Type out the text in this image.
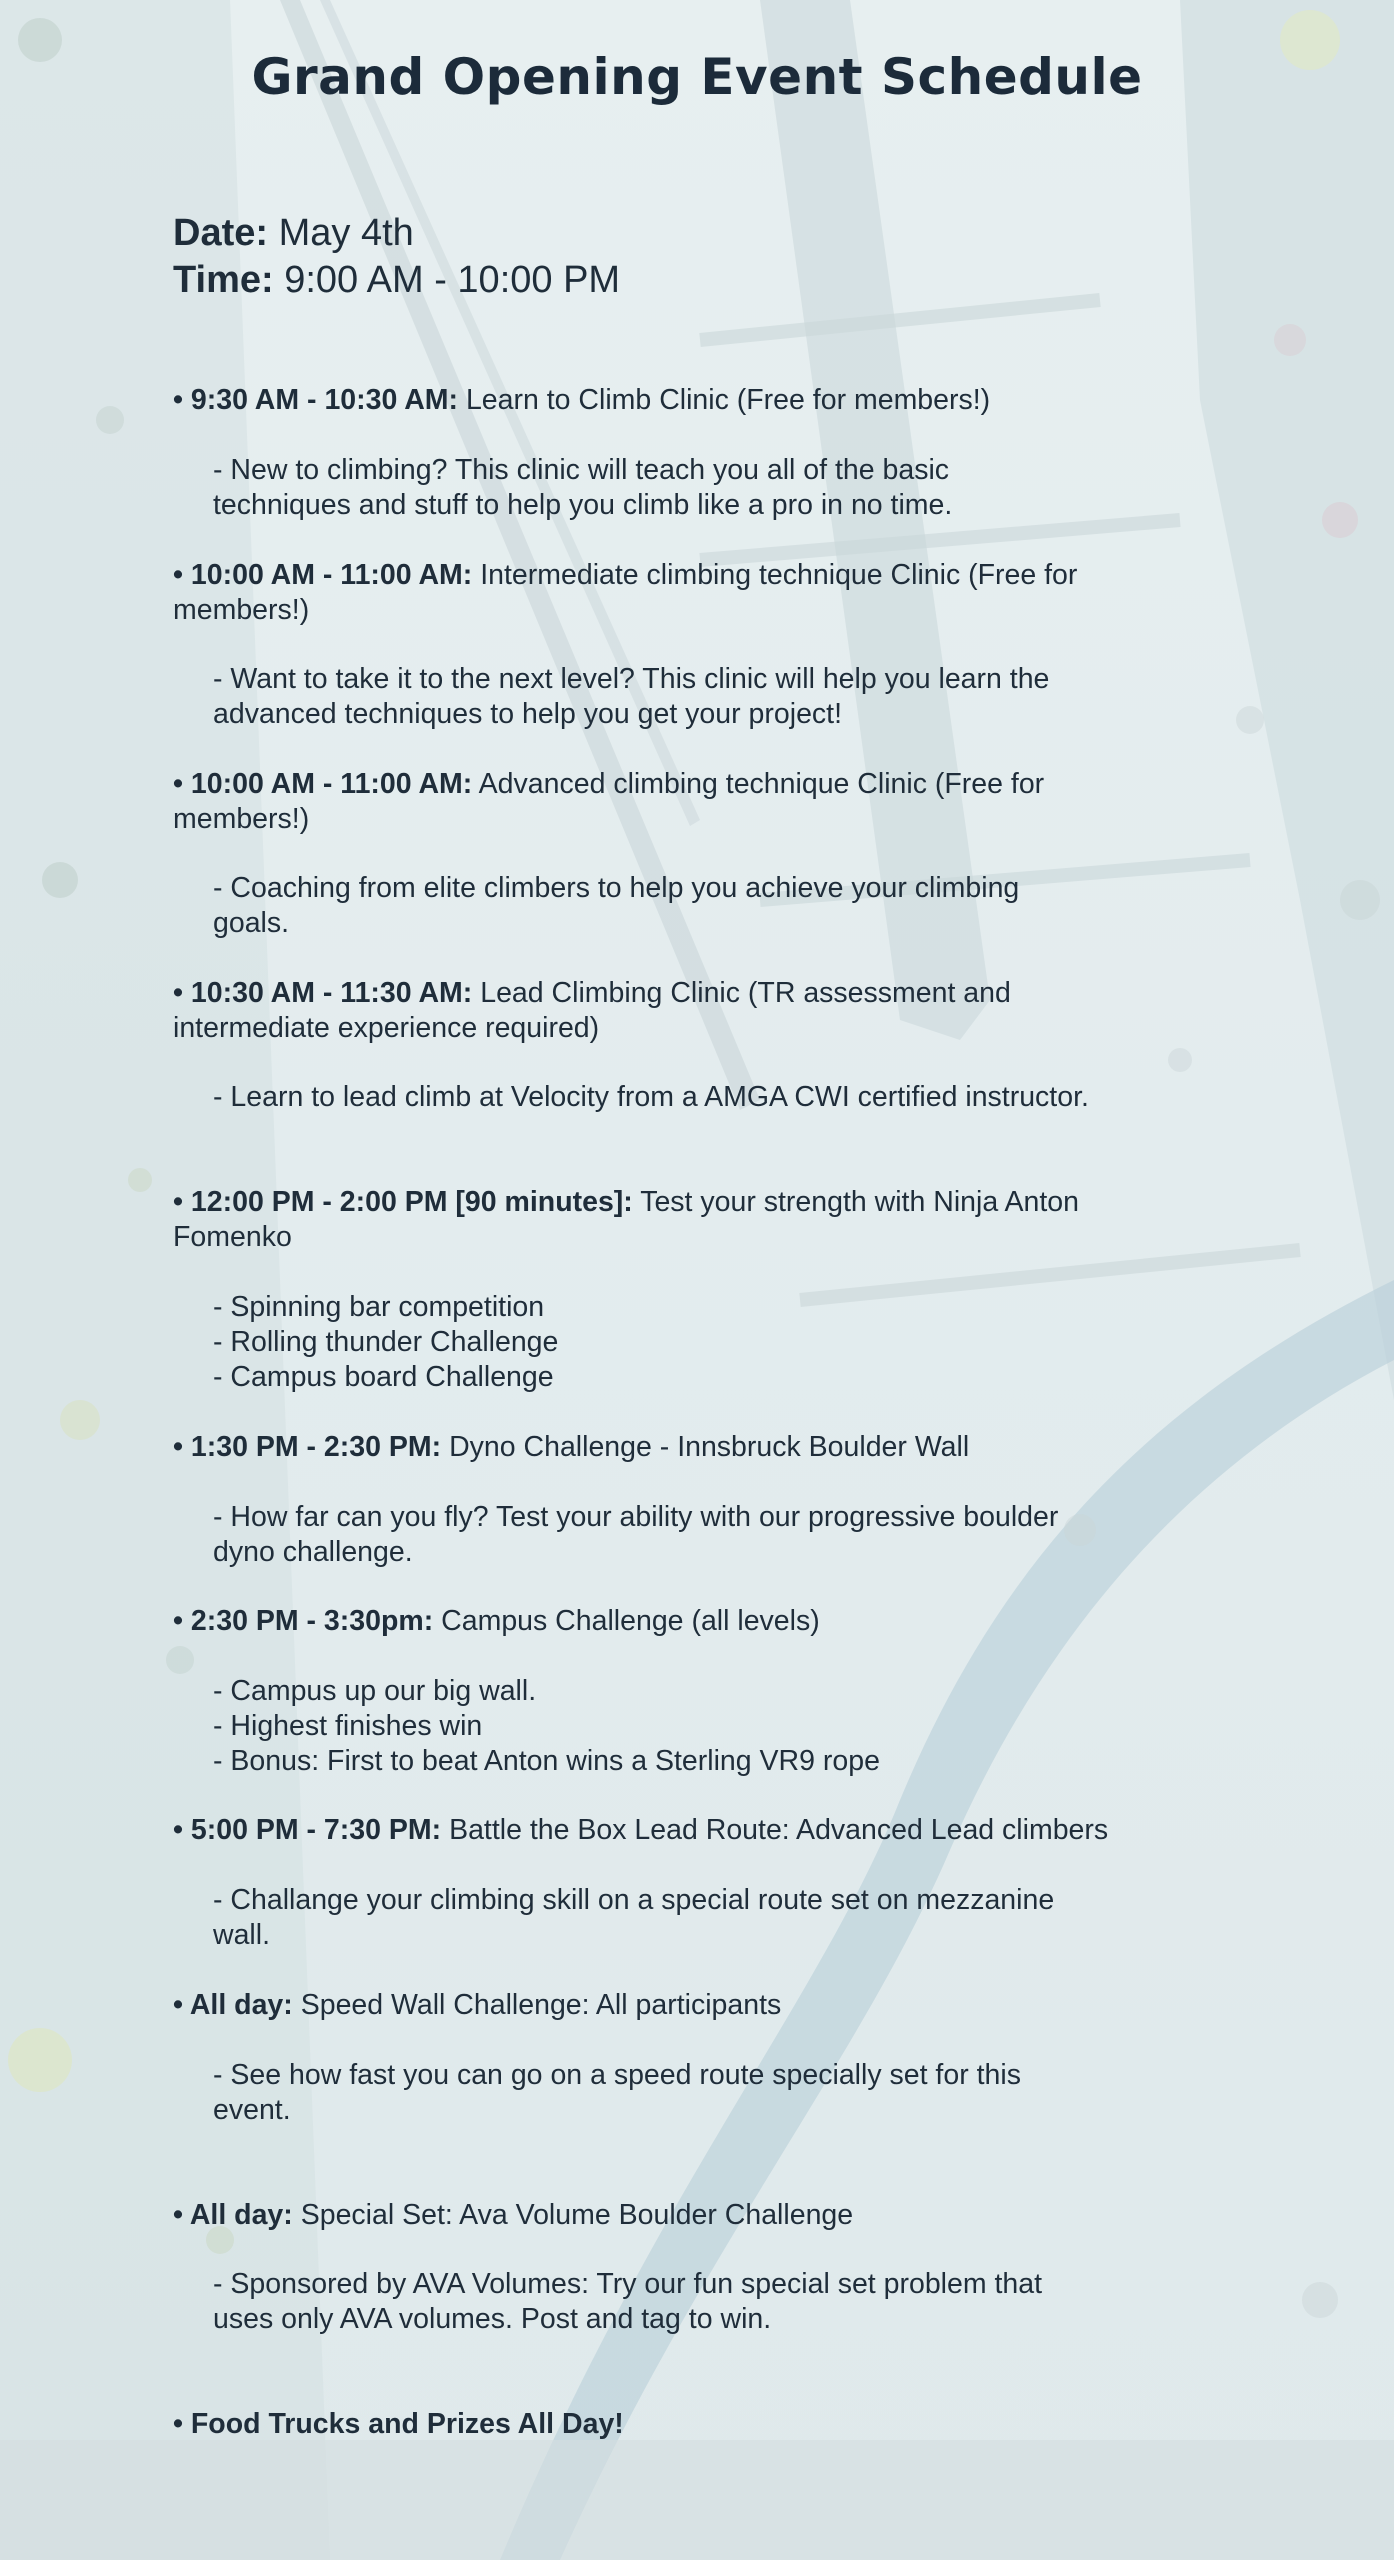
Grand Opening Event Schedule
Date: May 4th
Time: 9:00 AM - 10:00 PM
• 9:30 AM - 10:30 AM: Learn to Climb Clinic (Free for members!)
- New to climbing? This clinic will teach you all of the basic techniques and stuff to help you climb like a pro in no time.
• 10:00 AM - 11:00 AM: Intermediate climbing technique Clinic (Free for members!)
- Want to take it to the next level? This clinic will help you learn the advanced techniques to help you get your project!
• 10:00 AM - 11:00 AM: Advanced climbing technique Clinic (Free for members!)
- Coaching from elite climbers to help you achieve your climbing goals.
• 10:30 AM - 11:30 AM: Lead Climbing Clinic (TR assessment and intermediate experience required)
- Learn to lead climb at Velocity from a AMGA CWI certified instructor.
• 12:00 PM - 2:00 PM [90 minutes]: Test your strength with Ninja Anton Fomenko
- Spinning bar competition
- Rolling thunder Challenge
- Campus board Challenge
• 1:30 PM - 2:30 PM: Dyno Challenge - Innsbruck Boulder Wall
- How far can you fly? Test your ability with our progressive boulder dyno challenge.
• 2:30 PM - 3:30pm: Campus Challenge (all levels)
- Campus up our big wall.
- Highest finishes win
- Bonus: First to beat Anton wins a Sterling VR9 rope
• 5:00 PM - 7:30 PM: Battle the Box Lead Route: Advanced Lead climbers
- Challange your climbing skill on a special route set on mezzanine wall.
• All day: Speed Wall Challenge: All participants
- See how fast you can go on a speed route specially set for this event.
• All day: Special Set: Ava Volume Boulder Challenge
- Sponsored by AVA Volumes: Try our fun special set problem that uses only AVA volumes. Post and tag to win.
• Food Trucks and Prizes All Day!
